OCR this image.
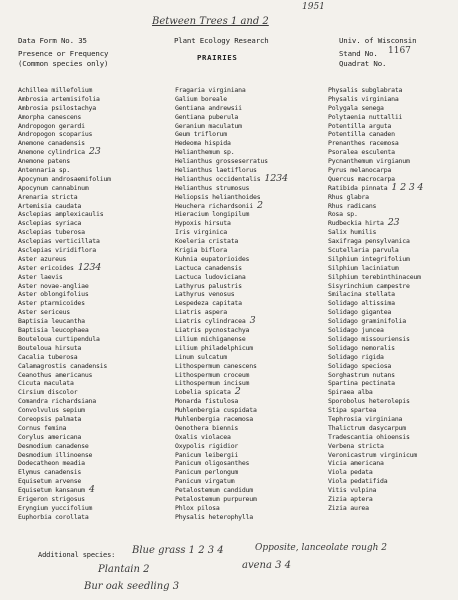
1951
Between Trees 1 and 2
Data Form No. 35	Plant Ecology Research	Univ. of Wisconsin
Presence or Frequency
(Common species only)
PRAIRIES	Stand No. 1167
Quadrat No.
Achillea millefolium
Ambrosia artemisifolia
Ambrosia psilostachya
Amorpha canescens
Andropogon gerardi
Andropogon scoparius
Anemone canadensis
Anemone cylindrica 23
Anemone patens
Antennaria sp.
Apocynum androsaemifolium
Apocynum cannabinum
Arenaria stricta
Artemisia caudata
Asclepias amplexicaulis
Asclepias syriaca
Asclepias tuberosa
Asclepias verticillata
Asclepias viridiflora
Aster azureus
Aster ericoides 1234
Aster laevis
Aster novae-angliae
Aster oblongifolius
Aster ptarmicoides
Aster sericeus
Baptisia leucantha
Baptisia leucophaea
Bouteloua curtipendula
Bouteloua hirsuta
Cacalia tuberosa
Calamagrostis canadensis
Ceanothus americanus
Cicuta maculata
Cirsium discolor
Comandra richardsiana
Convolvulus sepium
Coreopsis palmata
Cornus femina
Corylus americana
Desmodium canadense
Desmodium illinoense
Dodecatheon meadia
Elymus canadensis
Equisetum arvense
Equisetum kansanum 4
Erigeron strigosus
Eryngium yuccifolium
Euphorbia corollata
Fragaria virginiana
Galium boreale
Gentiana andrewsii
Gentiana puberula
Geranium maculatum
Geum triflorum
Hedeoma hispida
Helianthemum sp.
Helianthus grosseserratus
Helianthus laetiflorus
Helianthus occidentalis 1234
Helianthus strumosus
Heliopsis helianthoides
Heuchera richardsonii 2
Hieracium longipilum
Hypoxis hirsuta
Iris virginica
Koeleria cristata
Krigia biflora
Kuhnia eupatorioides
Lactuca canadensis
Lactuca ludoviciana
Lathyrus palustris
Lathyrus venosus
Lespedeza capitata
Liatris aspera
Liatris cylindracea 3
Liatris pycnostachya
Lilium michiganense
Lilium philadelphicum
Linum sulcatum
Lithospermum canescens
Lithospermum croceum
Lithospermum incisum
Lobelia spicata 2
Monarda fistulosa
Muhlenbergia cuspidata
Muhlenbergia racemosa
Oenothera biennis
Oxalis violacea
Oxypolis rigidior
Panicum leibergii
Panicum oligosanthes
Panicum perlongum
Panicum virgatum
Petalostemum candidum
Petalostemum purpureum
Phlox pilosa
Physalis heterophylla
Physalis subglabrata
Physalis virginiana
Polygala senega
Polytaenia nuttallii
Potentilla arguta
Potentilla canaden
Prenanthes racemosa
Psoralea esculenta
Pycnanthemum virgianum
Pyrus melanocarpa
Quercus macrocarpa
Ratibida pinnata 1 2 3 4
Rhus glabra
Rhus radicans
Rosa sp.
Rudbeckia hirta 23
Salix humilis
Saxifraga pensylvanica
Scutellaria parvula
Silphium integrifolium
Silphium laciniatum
Silphium terebinthinaceum
Sisyrinchium campestre
Smilacina stellata
Solidago altissima
Solidago gigantea
Solidago graminifolia
Solidago juncea
Solidago missouriensis
Solidago nemoralis
Solidago rigida
Solidago speciosa
Sorghastrum nutans
Spartina pectinata
Spiraea alba
Sporobolus heterolepis
Stipa spartea
Tephrosia virginiana
Thalictrum dasycarpum
Tradescantia ohioensis
Verbena stricta
Veronicastrum virginicum
Vicia americana
Viola pedata
Viola pedatifida
Vitis vulpina
Zizia aptera
Zizia aurea
Additional species: Blue grass 1 2 3 4	Opposite, lanceolate rough 2
Plantain 2	avena 3 4
Bur oak seedling 3
